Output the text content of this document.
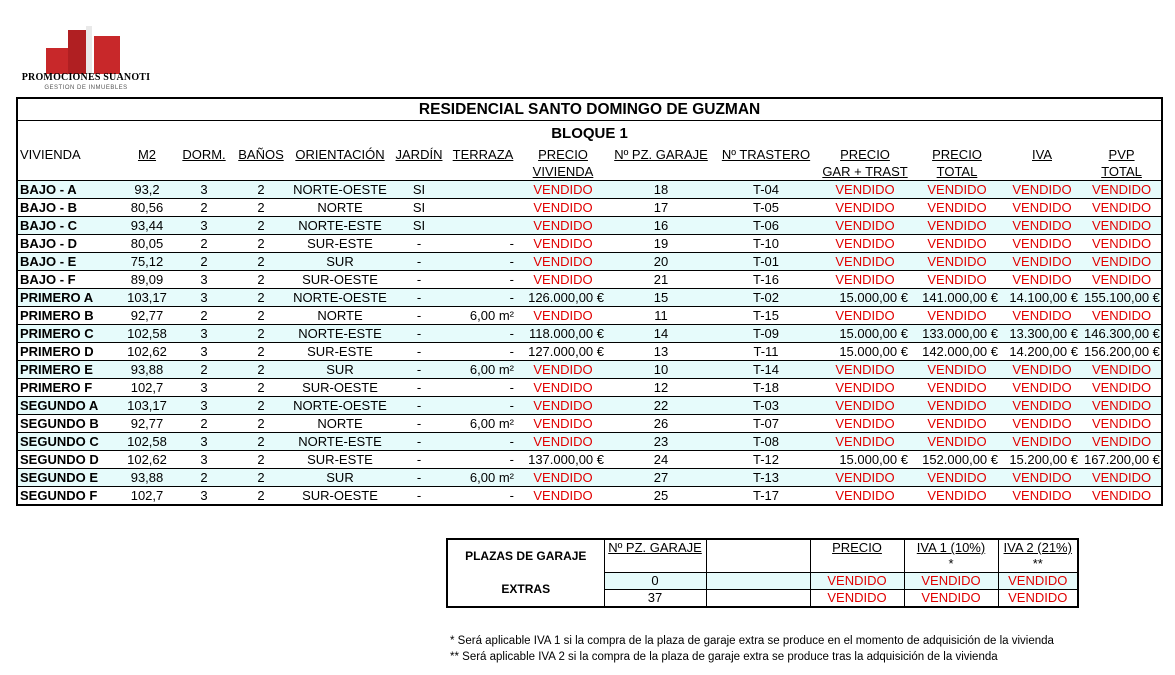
PROMOCIONES SUANOTI
GESTION DE INMUEBLES
RESIDENCIAL SANTO DOMINGO DE GUZMAN													
BLOQUE 1													
VIVIENDA	M2	DORM.	BAÑOS	ORIENTACIÓN	JARDÍN	TERRAZA	PRECIO	Nº PZ. GARAJE	Nº TRASTERO	PRECIO	PRECIO	IVA	PVP
							VIVIENDA			GAR + TRAST	TOTAL		TOTAL
BAJO - A	93,2	3	2	NORTE-OESTE	SI		VENDIDO	18	T-04	VENDIDO	VENDIDO	VENDIDO	VENDIDO
BAJO - B	80,56	2	2	NORTE	SI		VENDIDO	17	T-05	VENDIDO	VENDIDO	VENDIDO	VENDIDO
BAJO - C	93,44	3	2	NORTE-ESTE	SI		VENDIDO	16	T-06	VENDIDO	VENDIDO	VENDIDO	VENDIDO
BAJO - D	80,05	2	2	SUR-ESTE	-	-	VENDIDO	19	T-10	VENDIDO	VENDIDO	VENDIDO	VENDIDO
BAJO - E	75,12	2	2	SUR	-	-	VENDIDO	20	T-01	VENDIDO	VENDIDO	VENDIDO	VENDIDO
BAJO - F	89,09	3	2	SUR-OESTE	-	-	VENDIDO	21	T-16	VENDIDO	VENDIDO	VENDIDO	VENDIDO
PRIMERO A	103,17	3	2	NORTE-OESTE	-	-	126.000,00 €	15	T-02	15.000,00 €	141.000,00 €	14.100,00 €	155.100,00 €
PRIMERO B	92,77	2	2	NORTE	-	6,00 m²	VENDIDO	11	T-15	VENDIDO	VENDIDO	VENDIDO	VENDIDO
PRIMERO C	102,58	3	2	NORTE-ESTE	-	-	118.000,00 €	14	T-09	15.000,00 €	133.000,00 €	13.300,00 €	146.300,00 €
PRIMERO D	102,62	3	2	SUR-ESTE	-	-	127.000,00 €	13	T-11	15.000,00 €	142.000,00 €	14.200,00 €	156.200,00 €
PRIMERO E	93,88	2	2	SUR	-	6,00 m²	VENDIDO	10	T-14	VENDIDO	VENDIDO	VENDIDO	VENDIDO
PRIMERO F	102,7	3	2	SUR-OESTE	-	-	VENDIDO	12	T-18	VENDIDO	VENDIDO	VENDIDO	VENDIDO
SEGUNDO A	103,17	3	2	NORTE-OESTE	-	-	VENDIDO	22	T-03	VENDIDO	VENDIDO	VENDIDO	VENDIDO
SEGUNDO B	92,77	2	2	NORTE	-	6,00 m²	VENDIDO	26	T-07	VENDIDO	VENDIDO	VENDIDO	VENDIDO
SEGUNDO C	102,58	3	2	NORTE-ESTE	-	-	VENDIDO	23	T-08	VENDIDO	VENDIDO	VENDIDO	VENDIDO
SEGUNDO D	102,62	3	2	SUR-ESTE	-	-	137.000,00 €	24	T-12	15.000,00 €	152.000,00 €	15.200,00 €	167.200,00 €
SEGUNDO E	93,88	2	2	SUR	-	6,00 m²	VENDIDO	27	T-13	VENDIDO	VENDIDO	VENDIDO	VENDIDO
SEGUNDO F	102,7	3	2	SUR-OESTE	-	-	VENDIDO	25	T-17	VENDIDO	VENDIDO	VENDIDO	VENDIDO
PLAZAS DE GARAJE	Nº PZ. GARAJE		PRECIO	IVA 1 (10%)	IVA 2 (21%)
				*	**
EXTRAS	0		VENDIDO	VENDIDO	VENDIDO
	37		VENDIDO	VENDIDO	VENDIDO
* Será aplicable IVA 1 si la compra de la plaza de garaje extra se produce en el momento de adquisición de la vivienda
** Será aplicable IVA 2 si la compra de la plaza de garaje extra se produce tras la adquisición de la vivienda
